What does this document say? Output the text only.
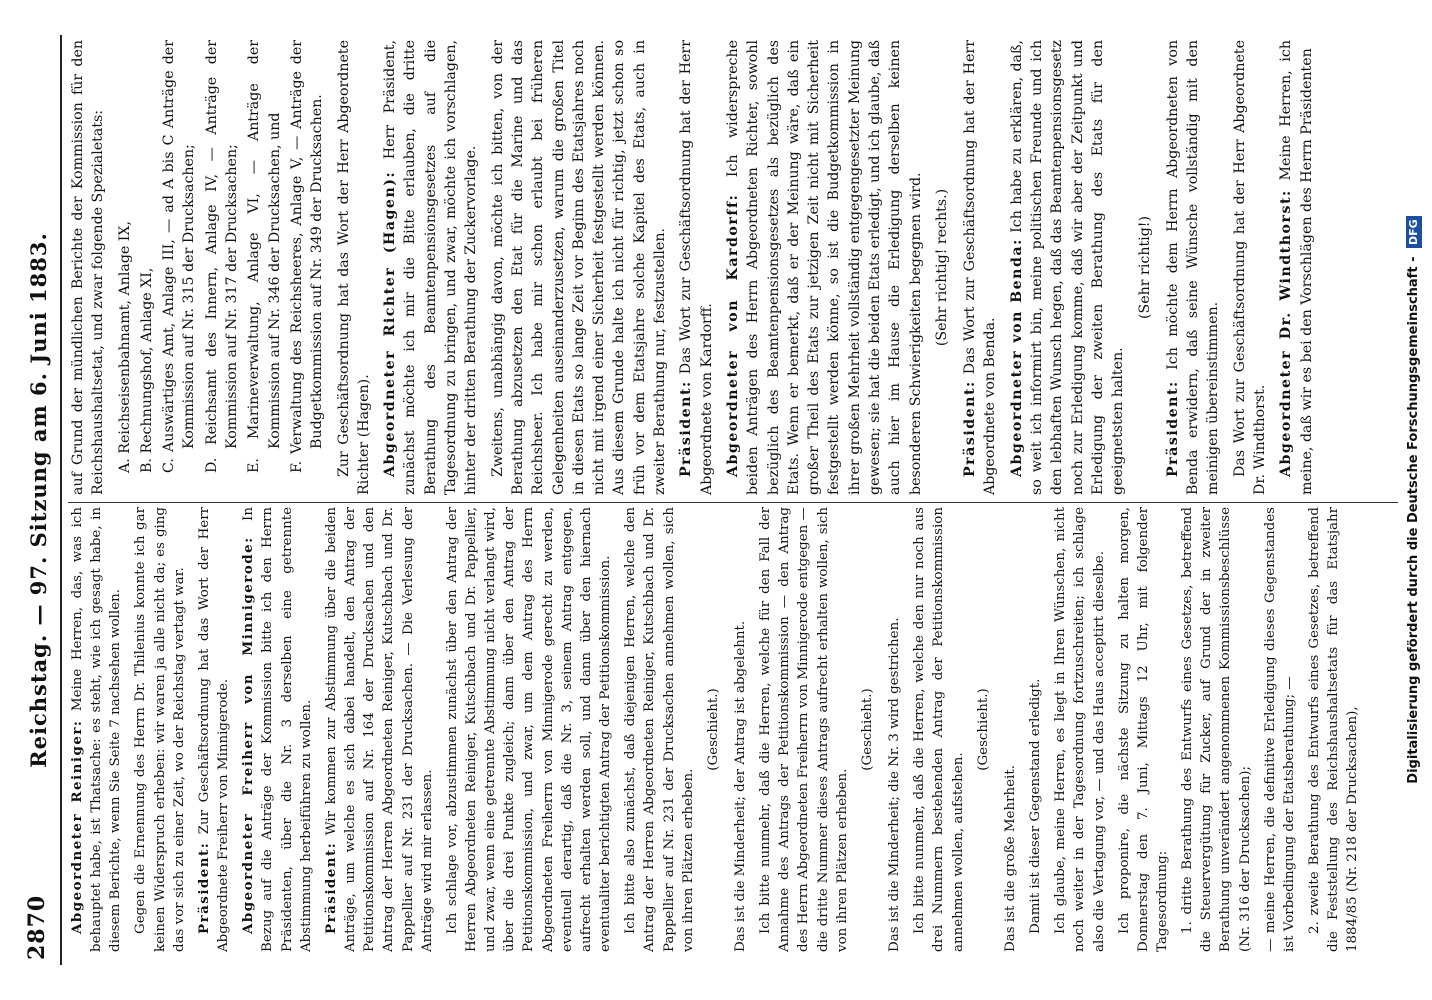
2870
Reichstag. — 97. Sitzung am 6. Juni 1883.

Abgeordneter Reiniger: Meine Herren, das, was ich behauptet habe, ist Thatsache: es steht, wie ich gesagt habe, in diesem Berichte, wenn Sie Seite 7 nachsehen wollen. Gegen die Ernennung des Herrn Dr. Thilenius konnte ich gar keinen Widerspruch erheben: wir waren ja alle nicht da; es ging das vor sich zu einer Zeit, wo der Reichstag vertagt war. Präsident: Zur Geschäftsordnung hat das Wort der Herr Abgeordnete Freiherr von Minnigerode. Abgeordneter Freiherr von Minnigerode: In Bezug auf die Anträge der Kommission bitte ich den Herrn Präsidenten, über die Nr. 3 derselben eine getrennte Abstimmung herbeiführen zu wollen. Präsident: Wir kommen zur Abstimmung über die beiden Anträge, um welche es sich dabei handelt, den Antrag der Petitionskommission auf Nr. 164 der Drucksachen und den Antrag der Herren Abgeordneten Reiniger, Kutschbach und Dr. Pappellier auf Nr. 231 der Drucksachen. — Die Verlesung der Anträge wird mir erlassen. Ich schlage vor, abzustimmen zunächst über den Antrag der Herren Abgeordneten Reiniger, Kutschbach und Dr. Pappellier, und zwar, wenn eine getrennte Abstimmung nicht verlangt wird, über die drei Punkte zugleich; dann über den Antrag der Petitionskommission, und zwar, um dem Antrag des Herrn Abgeordneten Freiherrn von Minnigerode gerecht zu werden, eventuell derartig, daß die Nr. 3, seinem Antrag entgegen, aufrecht erhalten werden soll, und dann über den hiernach eventualiter berichtigten Antrag der Petitionskommission. Ich bitte also zunächst, daß diejenigen Herren, welche den Antrag der Herren Abgeordneten Reiniger, Kutschbach und Dr. Pappellier auf Nr. 231 der Drucksachen annehmen wollen, sich von ihren Plätzen erheben.

(Geschieht.) Das ist die Minderheit; der Antrag ist abgelehnt. Ich bitte nunmehr, daß die Herren, welche für den Fall der Annahme des Antrags der Petitionskommission — den Antrag des Herrn Abgeordneten Freiherrn von Minnigerode entgegen — die dritte Nummer dieses Antrags aufrecht erhalten wollen, sich von ihren Plätzen erheben.

(Geschieht.) Das ist die Minderheit; die Nr. 3 wird gestrichen. Ich bitte nunmehr, daß die Herren, welche den nur noch aus drei Nummern bestehenden Antrag der Petitionskommission annehmen wollen, aufstehen.

(Geschieht.)

Das ist die große Mehrheit. Damit ist dieser Gegenstand erledigt. Ich glaube, meine Herren, es liegt in Ihren Wünschen, nicht noch weiter in der Tagesordnung fortzuschreiten; ich schlage also die Vertagung vor, — und das Haus acceptirt dieselbe. Ich proponire, die nächste Sitzung zu halten morgen, Donnerstag den 7. Juni, Mittags 12 Uhr, mit folgender Tagesordnung: 1. dritte Berathung des Entwurfs eines Gesetzes, betreffend die Steuervergütung für Zucker, auf Grund der in zweiter Berathung unverändert angenommenen Kommissionsbeschlüsse (Nr. 316 der Drucksachen); — meine Herren, die definitive Erledigung dieses Gegenstandes ist Vorbedingung der Etatsberathung; — 2. zweite Berathung des Entwurfs eines Gesetzes, betreffend die Feststellung des Reichshaushaltsetats für das Etatsjahr 1884/85 (Nr. 218 der Drucksachen),

auf Grund der mündlichen Berichte der Kommission für den Reichshaushaltsetat, und zwar folgende Spezialetats: A. Reichseisenbahnamt, Anlage IX, B. Rechnungshof, Anlage XI, C. Auswärtiges Amt, Anlage III, — ad A bis C Anträge der Kommission auf Nr. 315 der Drucksachen; D. Reichsamt des Innern, Anlage IV, — Anträge der Kommission auf Nr. 317 der Drucksachen; E. Marineverwaltung, Anlage VI, — Anträge der Kommission auf Nr. 346 der Drucksachen, und F. Verwaltung des Reichsheeres, Anlage V, — Anträge der Budgetkommission auf Nr. 349 der Drucksachen. Zur Geschäftsordnung hat das Wort der Herr Abgeordnete Richter (Hagen). Abgeordneter Richter (Hagen): Herr Präsident, zunächst möchte ich mir die Bitte erlauben, die dritte Berathung des Beamtenpensionsgesetzes auf die Tagesordnung zu bringen, und zwar, möchte ich vorschlagen, hinter der dritten Berathung der Zuckervorlage. Zweitens, unabhängig davon, möchte ich bitten, von der Berathung abzusetzen den Etat für die Marine und das Reichsheer. Ich habe mir schon erlaubt bei früheren Gelegenheiten auseinanderzusetzen, warum die großen Titel in diesen Etats so lange Zeit vor Beginn des Etatsjahres noch nicht mit irgend einer Sicherheit festgestellt werden können. Aus diesem Grunde halte ich nicht für richtig, jetzt schon so früh vor dem Etatsjahre solche Kapitel des Etats, auch in zweiter Berathung nur, festzustellen. Präsident: Das Wort zur Geschäftsordnung hat der Herr Abgeordnete von Kardorff. Abgeordneter von Kardorff: Ich widerspreche beiden Anträgen des Herrn Abgeordneten Richter, sowohl bezüglich des Beamtenpensionsgesetzes als bezüglich des Etats. Wenn er bemerkt, daß er der Meinung wäre, daß ein großer Theil des Etats zur jetzigen Zeit nicht mit Sicherheit festgestellt werden könne, so ist die Budgetkommission in ihrer großen Mehrheit vollständig entgegengesetzter Meinung gewesen; sie hat die beiden Etats erledigt, und ich glaube, daß auch hier im Hause die Erledigung derselben keinen besonderen Schwierigkeiten begegnen wird. (Sehr richtig! rechts.)

Präsident: Das Wort zur Geschäftsordnung hat der Herr Abgeordnete von Benda. Abgeordneter von Benda: Ich habe zu erklären, daß, so weit ich informirt bin, meine politischen Freunde und ich den lebhaften Wunsch hegen, daß das Beamtenpensionsgesetz noch zur Erledigung komme, daß wir aber der Zeitpunkt und Erledigung der zweiten Berathung des Etats für den geeignetsten halten.

(Sehr richtig!)

Präsident: Ich möchte dem Herrn Abgeordneten von Benda erwidern, daß seine Wünsche vollständig mit den meinigen übereinstimmen. Das Wort zur Geschäftsordnung hat der Herr Abgeordnete Dr. Windthorst. Abgeordneter Dr. Windthorst: Meine Herren, ich meine, daß wir es bei den Vorschlägen des Herrn Präsidenten	Digitalisierung gefördert durch die Deutsche Forschungsgemeinschaft - DFG
